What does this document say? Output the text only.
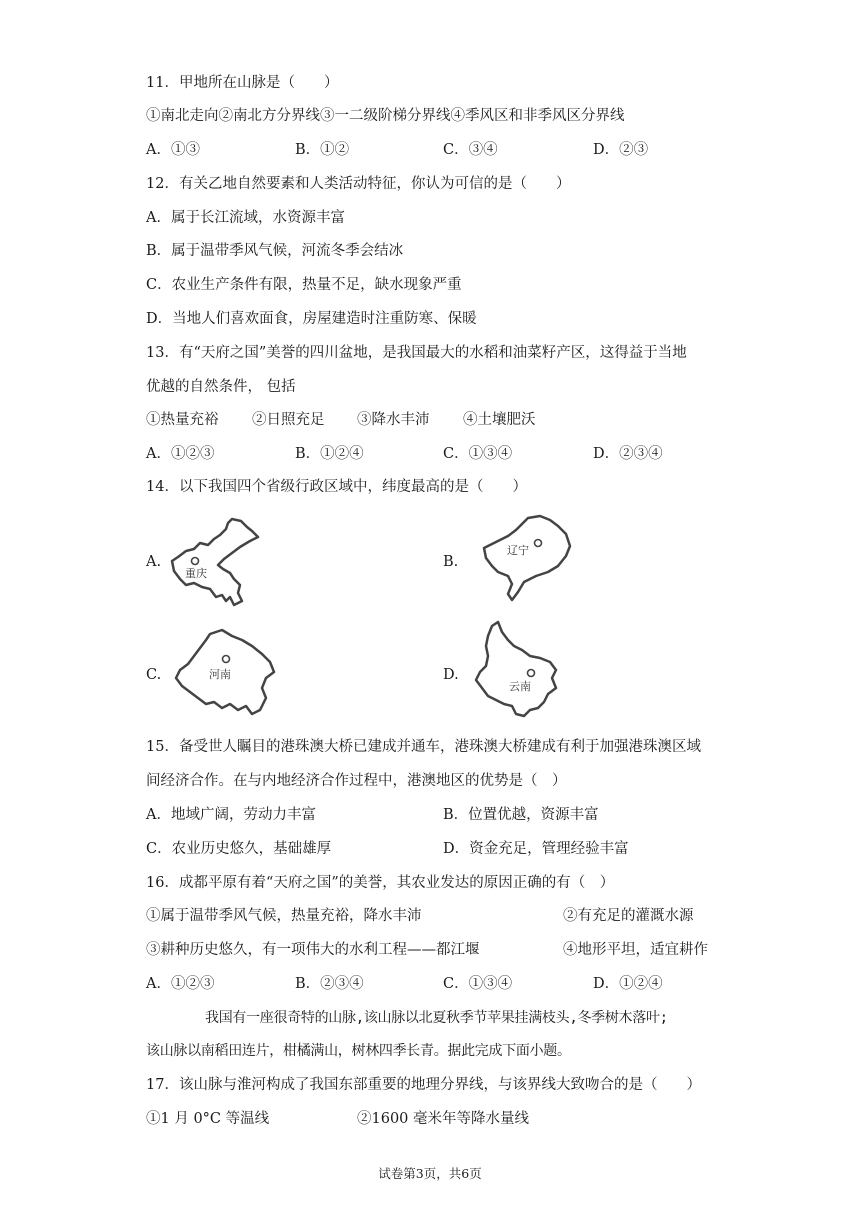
11．甲地所在山脉是（　　）
①南北走向②南北方分界线③一二级阶梯分界线④季风区和非季风区分界线
A．①③	B．①②	C．③④	D．②③
12．有关乙地自然要素和人类活动特征，你认为可信的是（　　）
A．属于长江流域，水资源丰富
B．属于温带季风气候，河流冬季会结冰
C．农业生产条件有限，热量不足，缺水现象严重
D．当地人们喜欢面食，房屋建造时注重防寒、保暖
13．有“天府之国”美誉的四川盆地，是我国最大的水稻和油菜籽产区，这得益于当地
优越的自然条件， 包括
①热量充裕 ②日照充足 ③降水丰沛 ④土壤肥沃
A．①②③	B．①②④	C．①③④	D．②③④
14．以下我国四个省级行政区域中，纬度最高的是（　　）
A.	B.
C.	D.
重庆
辽宁
河南
云南
15．备受世人瞩目的港珠澳大桥已建成并通车，港珠澳大桥建成有利于加强港珠澳区域
间经济合作。在与内地经济合作过程中，港澳地区的优势是（　）
A．地域广阔，劳动力丰富	B．位置优越，资源丰富
C．农业历史悠久，基础雄厚	D．资金充足，管理经验丰富
16．成都平原有着“天府之国”的美誉，其农业发达的原因正确的有（　）
①属于温带季风气候，热量充裕，降水丰沛	②有充足的灌溉水源
③耕种历史悠久，有一项伟大的水利工程——都江堰	④地形平坦，适宜耕作
A．①②③	B．②③④	C．①③④	D．①②④
我国有一座很奇特的山脉,该山脉以北夏秋季节苹果挂满枝头,冬季树木落叶;
该山脉以南稻田连片，柑橘满山，树林四季长青。据此完成下面小题。
17．该山脉与淮河构成了我国东部重要的地理分界线，与该界线大致吻合的是（　　）
①1 月 0°C 等温线	②1600 毫米年等降水量线
试卷第3页，共6页
